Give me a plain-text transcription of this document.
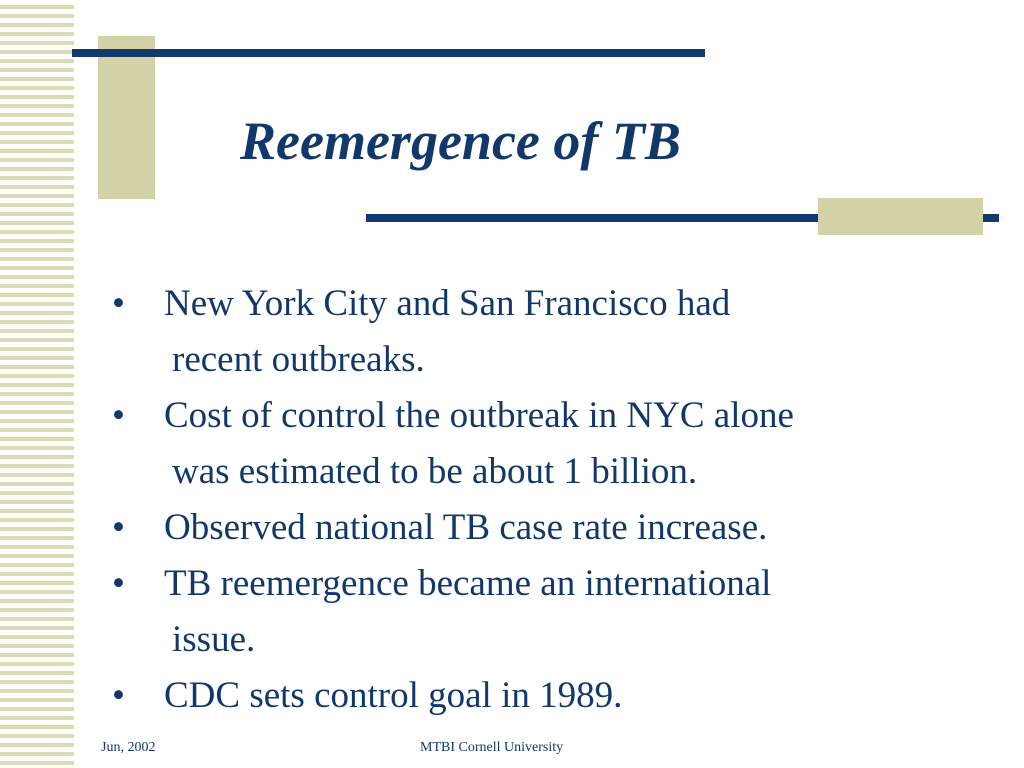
Reemergence of TB
•	New York City and San Francisco had
recent outbreaks.
•	Cost of control the outbreak in NYC alone
was estimated to be about 1 billion.
•	Observed national TB case rate increase.
•	TB reemergence became an international
issue.
•	CDC sets control goal in 1989.
Jun, 2002	MTBI Cornell University
